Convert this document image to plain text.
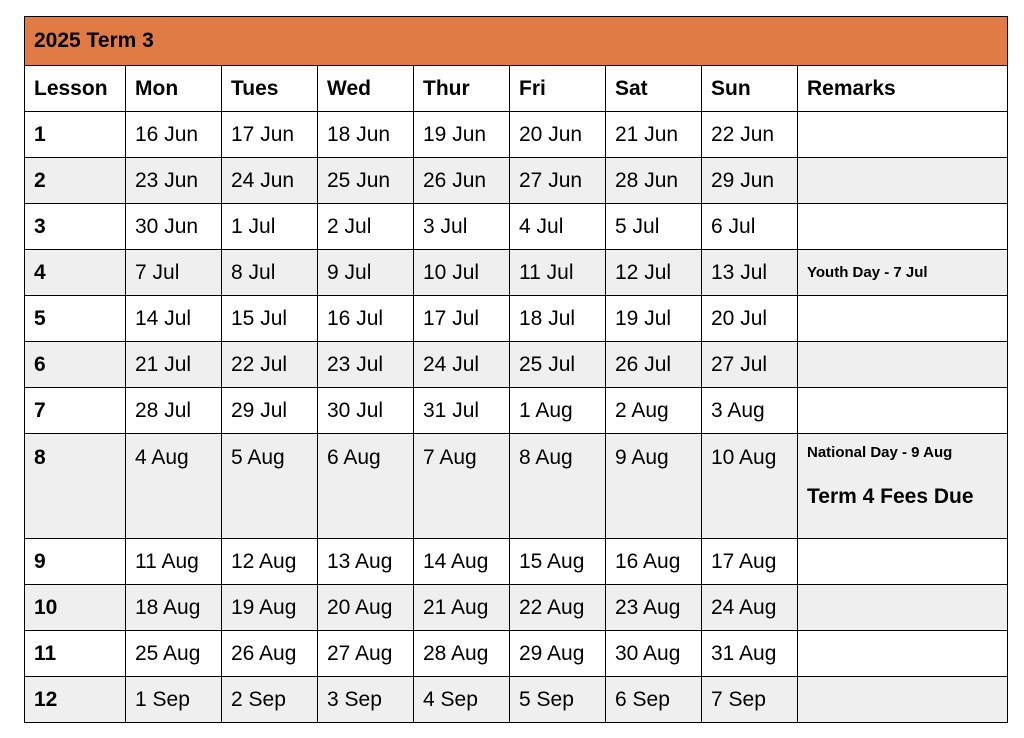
2025 Term 3								
Lesson	Mon	Tues	Wed	Thur	Fri	Sat	Sun	Remarks
1	16 Jun	17 Jun	18 Jun	19 Jun	20 Jun	21 Jun	22 Jun	
2	23 Jun	24 Jun	25 Jun	26 Jun	27 Jun	28 Jun	29 Jun	
3	30 Jun	1 Jul	2 Jul	3 Jul	4 Jul	5 Jul	6 Jul	
4	7 Jul	8 Jul	9 Jul	10 Jul	11 Jul	12 Jul	13 Jul	Youth Day - 7 Jul

5	14 Jul	15 Jul	16 Jul	17 Jul	18 Jul	19 Jul	20 Jul	
6	21 Jul	22 Jul	23 Jul	24 Jul	25 Jul	26 Jul	27 Jul	
7	28 Jul	29 Jul	30 Jul	31 Jul	1 Aug	2 Aug	3 Aug	
8	4 Aug	5 Aug	6 Aug	7 Aug	8 Aug	9 Aug	10 Aug	National Day - 9 Aug
Term 4 Fees Due

9	11 Aug	12 Aug	13 Aug	14 Aug	15 Aug	16 Aug	17 Aug	
10	18 Aug	19 Aug	20 Aug	21 Aug	22 Aug	23 Aug	24 Aug	
11	25 Aug	26 Aug	27 Aug	28 Aug	29 Aug	30 Aug	31 Aug	
12	1 Sep	2 Sep	3 Sep	4 Sep	5 Sep	6 Sep	7 Sep	
